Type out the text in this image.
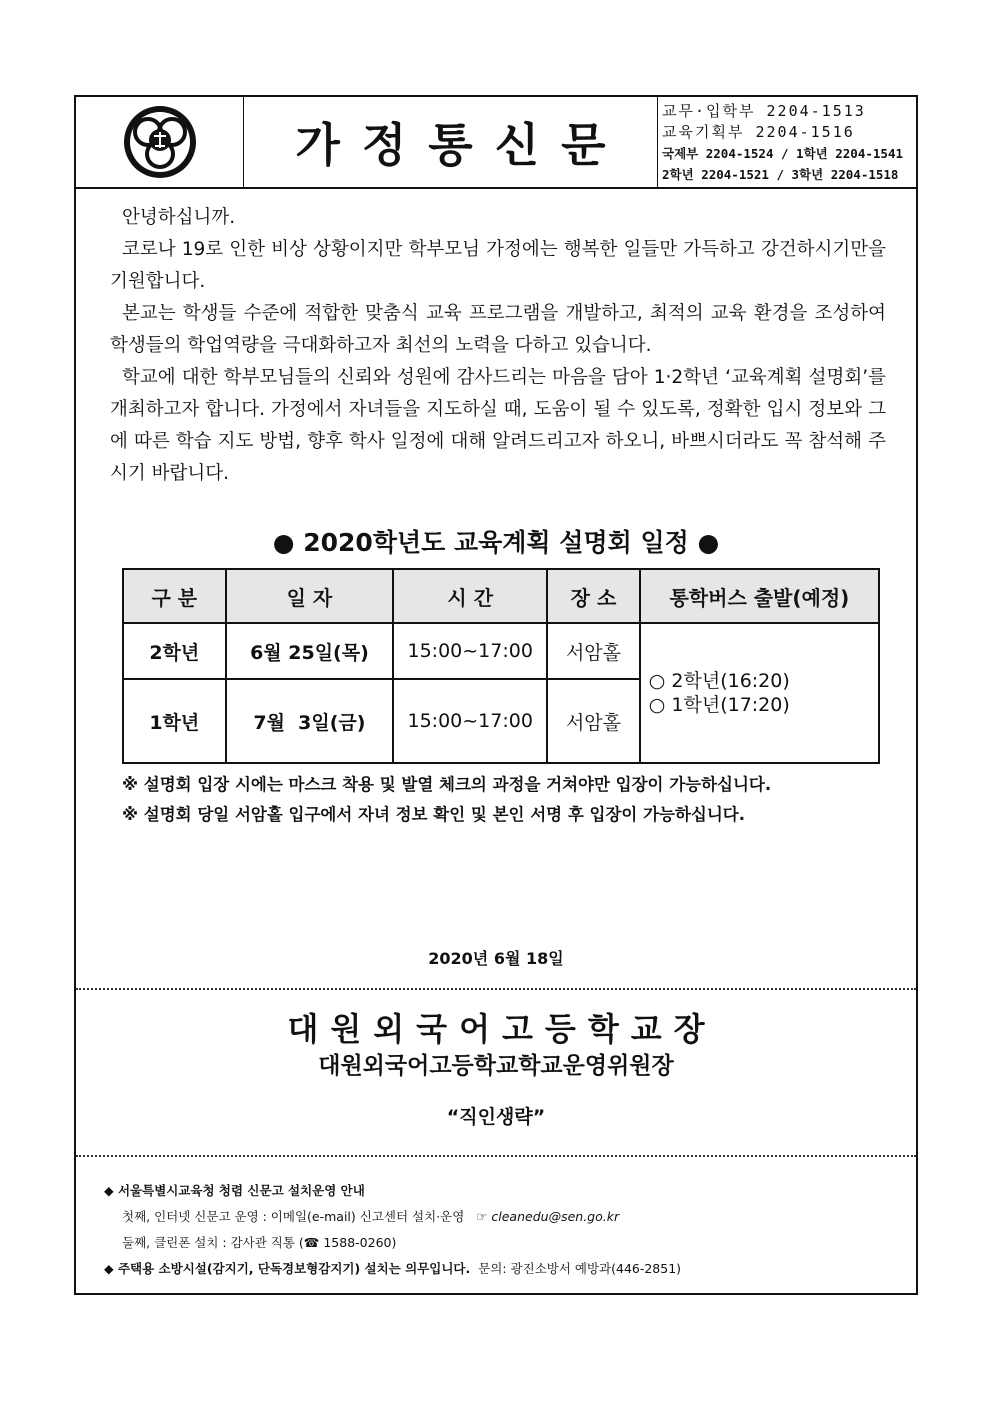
가정통신문
교무·입학부 2204-1513
교육기획부 2204-1516
국제부 2204-1524 / 1학년 2204-1541
2학년 2204-1521 / 3학년 2204-1518

안녕하십니까.

코로나 19로 인한 비상 상황이지만 학부모님 가정에는 행복한 일들만 가득하고 강건하시기만을 기원합니다.

본교는 학생들 수준에 적합한 맞춤식 교육 프로그램을 개발하고, 최적의 교육 환경을 조성하여 학생들의 학업역량을 극대화하고자 최선의 노력을 다하고 있습니다.

학교에 대한 학부모님들의 신뢰와 성원에 감사드리는 마음을 담아 1·2학년 ‘교육계획 설명회’를 개최하고자 합니다. 가정에서 자녀들을 지도하실 때, 도움이 될 수 있도록, 정확한 입시 정보와 그에 따른 학습 지도 방법, 향후 학사 일정에 대해 알려드리고자 하오니, 바쁘시더라도 꼭 참석해 주시기 바랍니다.

● 2020학년도 교육계획 설명회 일정 ●
구 분	일 자	시 간	장 소	통학버스 출발(예정)
2학년	6월 25일(목)	15:00~17:00	서암홀	○ 2학년(16:20)
○ 1학년(17:20)

1학년	7월  3일(금)	15:00~17:00	서암홀	
※ 설명회 입장 시에는 마스크 착용 및 발열 체크의 과정을 거쳐야만 입장이 가능하십니다.
※ 설명회 당일 서암홀 입구에서 자녀 정보 확인 및 본인 서명 후 입장이 가능하십니다.
2020년 6월 18일
대원외국어고등학교장
대원외국어고등학교학교운영위원장
“직인생략”
◆ 서울특별시교육청 청렴 신문고 설치운영 안내
첫째, 인터넷 신문고 운영 : 이메일(e-mail) 신고센터 설치·운영 ☞ cleanedu@sen.go.kr
둘째, 클린폰 설치 : 감사관 직통 (☎ 1588-0260)
◆ 주택용 소방시설(감지기, 단독경보형감지기) 설치는 의무입니다. 문의: 광진소방서 예방과(446-2851)
